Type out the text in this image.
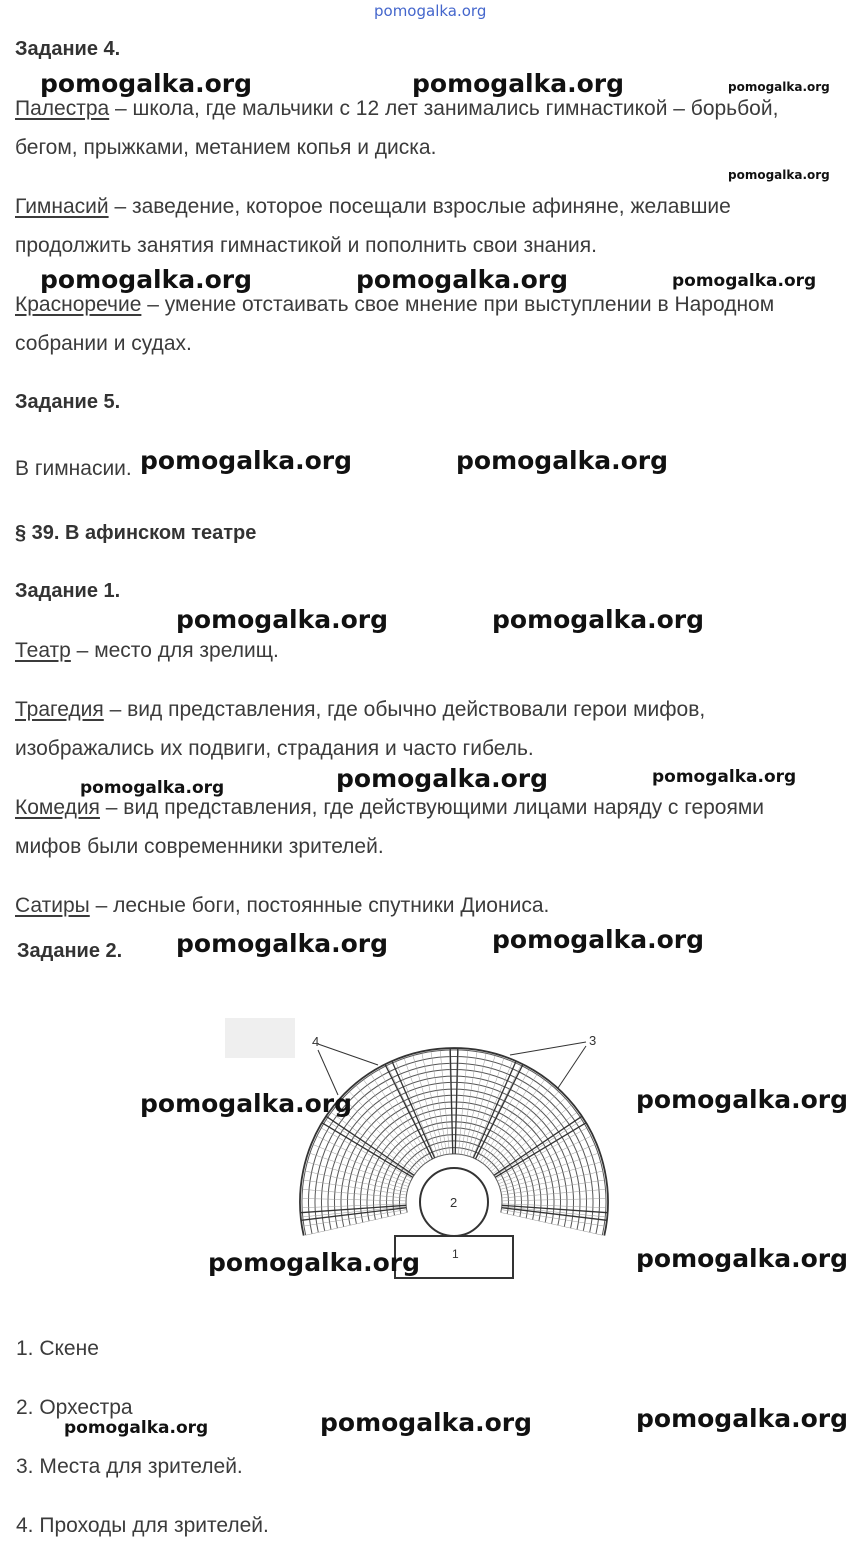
pomogalka.org
Задание 4.
Палестра – школа, где мальчики с 12 лет занимались гимнастикой – борьбой,
бегом, прыжками, метанием копья и диска.
Гимнасий – заведение, которое посещали взрослые афиняне, желавшие
продолжить занятия гимнастикой и пополнить свои знания.
Красноречие – умение отстаивать свое мнение при выступлении в Народном
собрании и судах.
Задание 5.
В гимнасии.
§ 39. В афинском театре
Задание 1.
Театр – место для зрелищ.
Трагедия – вид представления, где обычно действовали герои мифов,
изображались их подвиги, страдания и часто гибель.
Комедия – вид представления, где действующими лицами наряду с героями
мифов были современники зрителей.
Сатиры – лесные боги, постоянные спутники Диониса.
Задание 2.
2
1
3
4
1. Скене
2. Орхестра
3. Места для зрителей.
4. Проходы для зрителей.
pomogalka.org	pomogalka.org	pomogalka.org
pomogalka.org
pomogalka.org	pomogalka.org	pomogalka.org
pomogalka.org	pomogalka.org
pomogalka.org	pomogalka.org
pomogalka.org	pomogalka.org	pomogalka.org
pomogalka.org	pomogalka.org
pomogalka.org	pomogalka.org
pomogalka.org	pomogalka.org
pomogalka.org	pomogalka.org	pomogalka.org
